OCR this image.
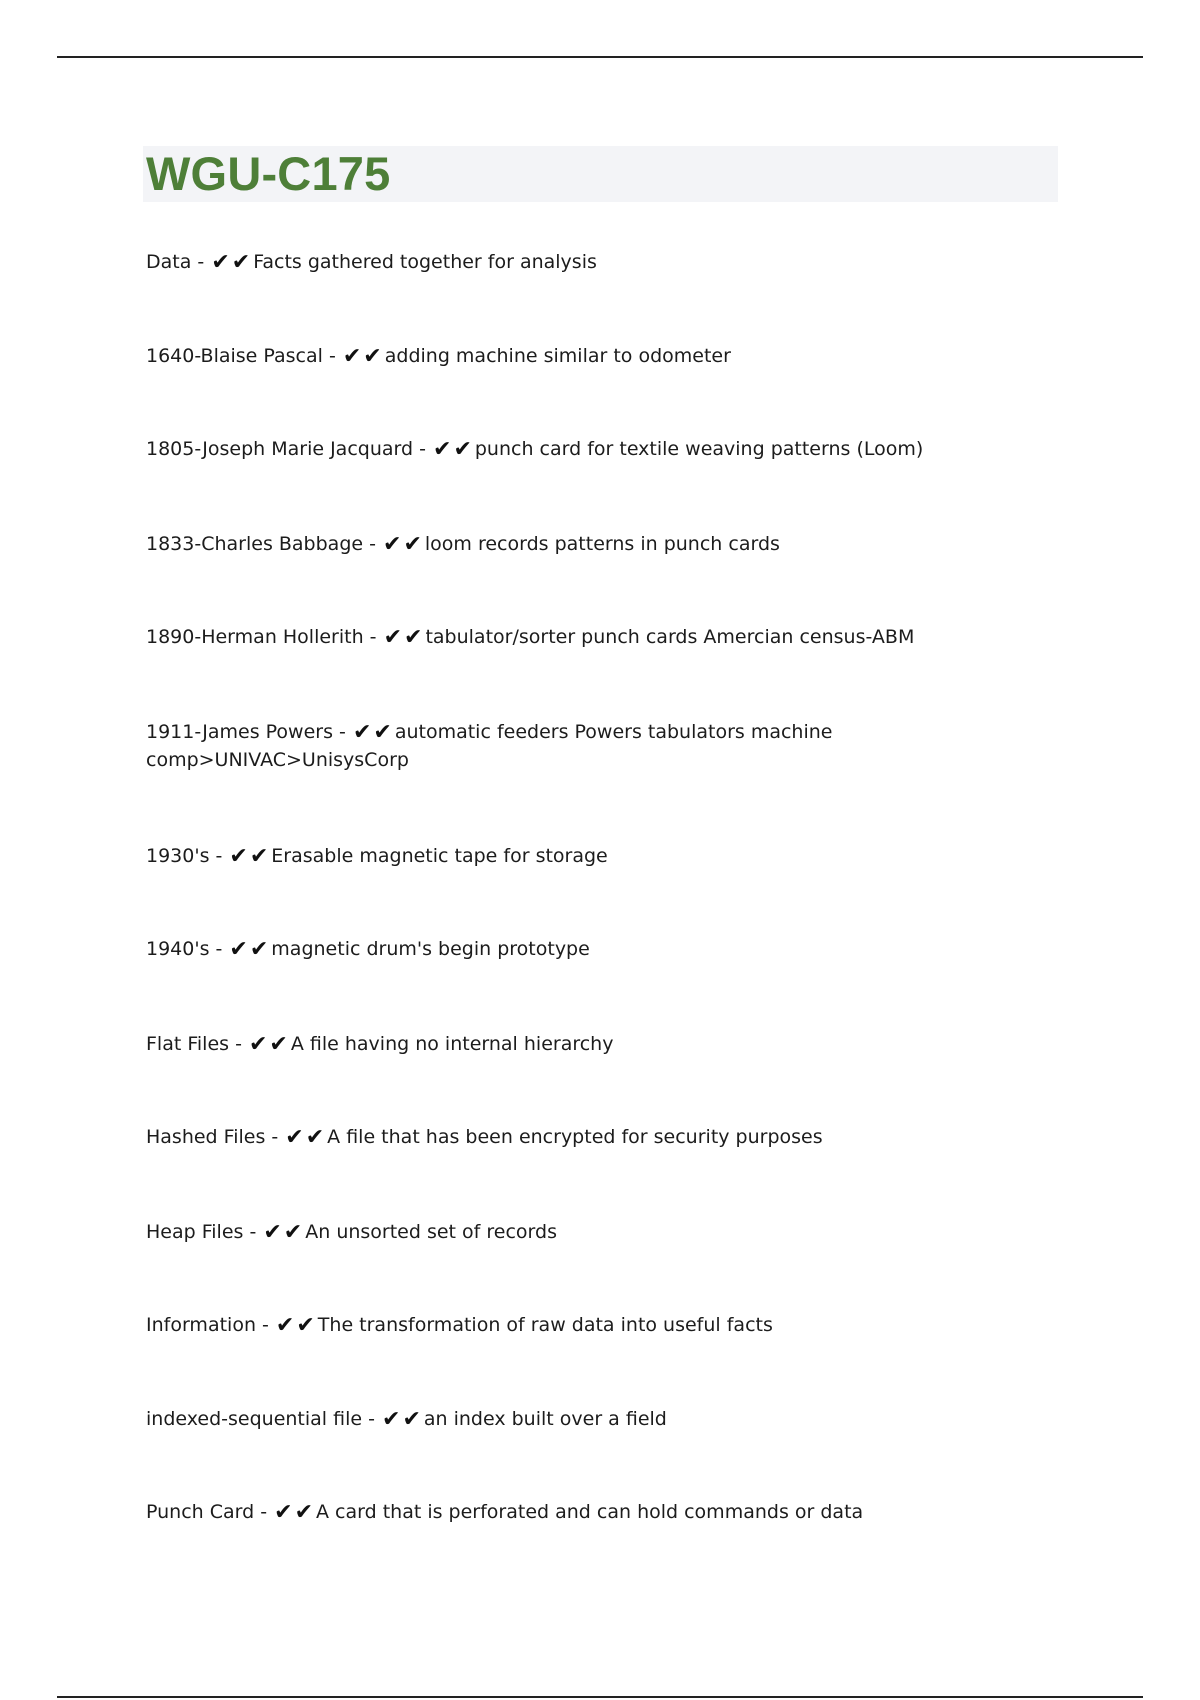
WGU-C175
Data - ✔✔ Facts gathered together for analysis
1640-Blaise Pascal - ✔✔ adding machine similar to odometer
1805-Joseph Marie Jacquard - ✔✔ punch card for textile weaving patterns (Loom)
1833-Charles Babbage - ✔✔ loom records patterns in punch cards
1890-Herman Hollerith - ✔✔ tabulator/sorter punch cards Amercian census-ABM
1911-James Powers - ✔✔ automatic feeders Powers tabulators machine
comp>UNIVAC>UnisysCorp
1930's - ✔✔ Erasable magnetic tape for storage
1940's - ✔✔ magnetic drum's begin prototype
Flat Files - ✔✔ A file having no internal hierarchy
Hashed Files - ✔✔ A file that has been encrypted for security purposes
Heap Files - ✔✔ An unsorted set of records
Information - ✔✔ The transformation of raw data into useful facts
indexed-sequential file - ✔✔ an index built over a field
Punch Card - ✔✔ A card that is perforated and can hold commands or data
